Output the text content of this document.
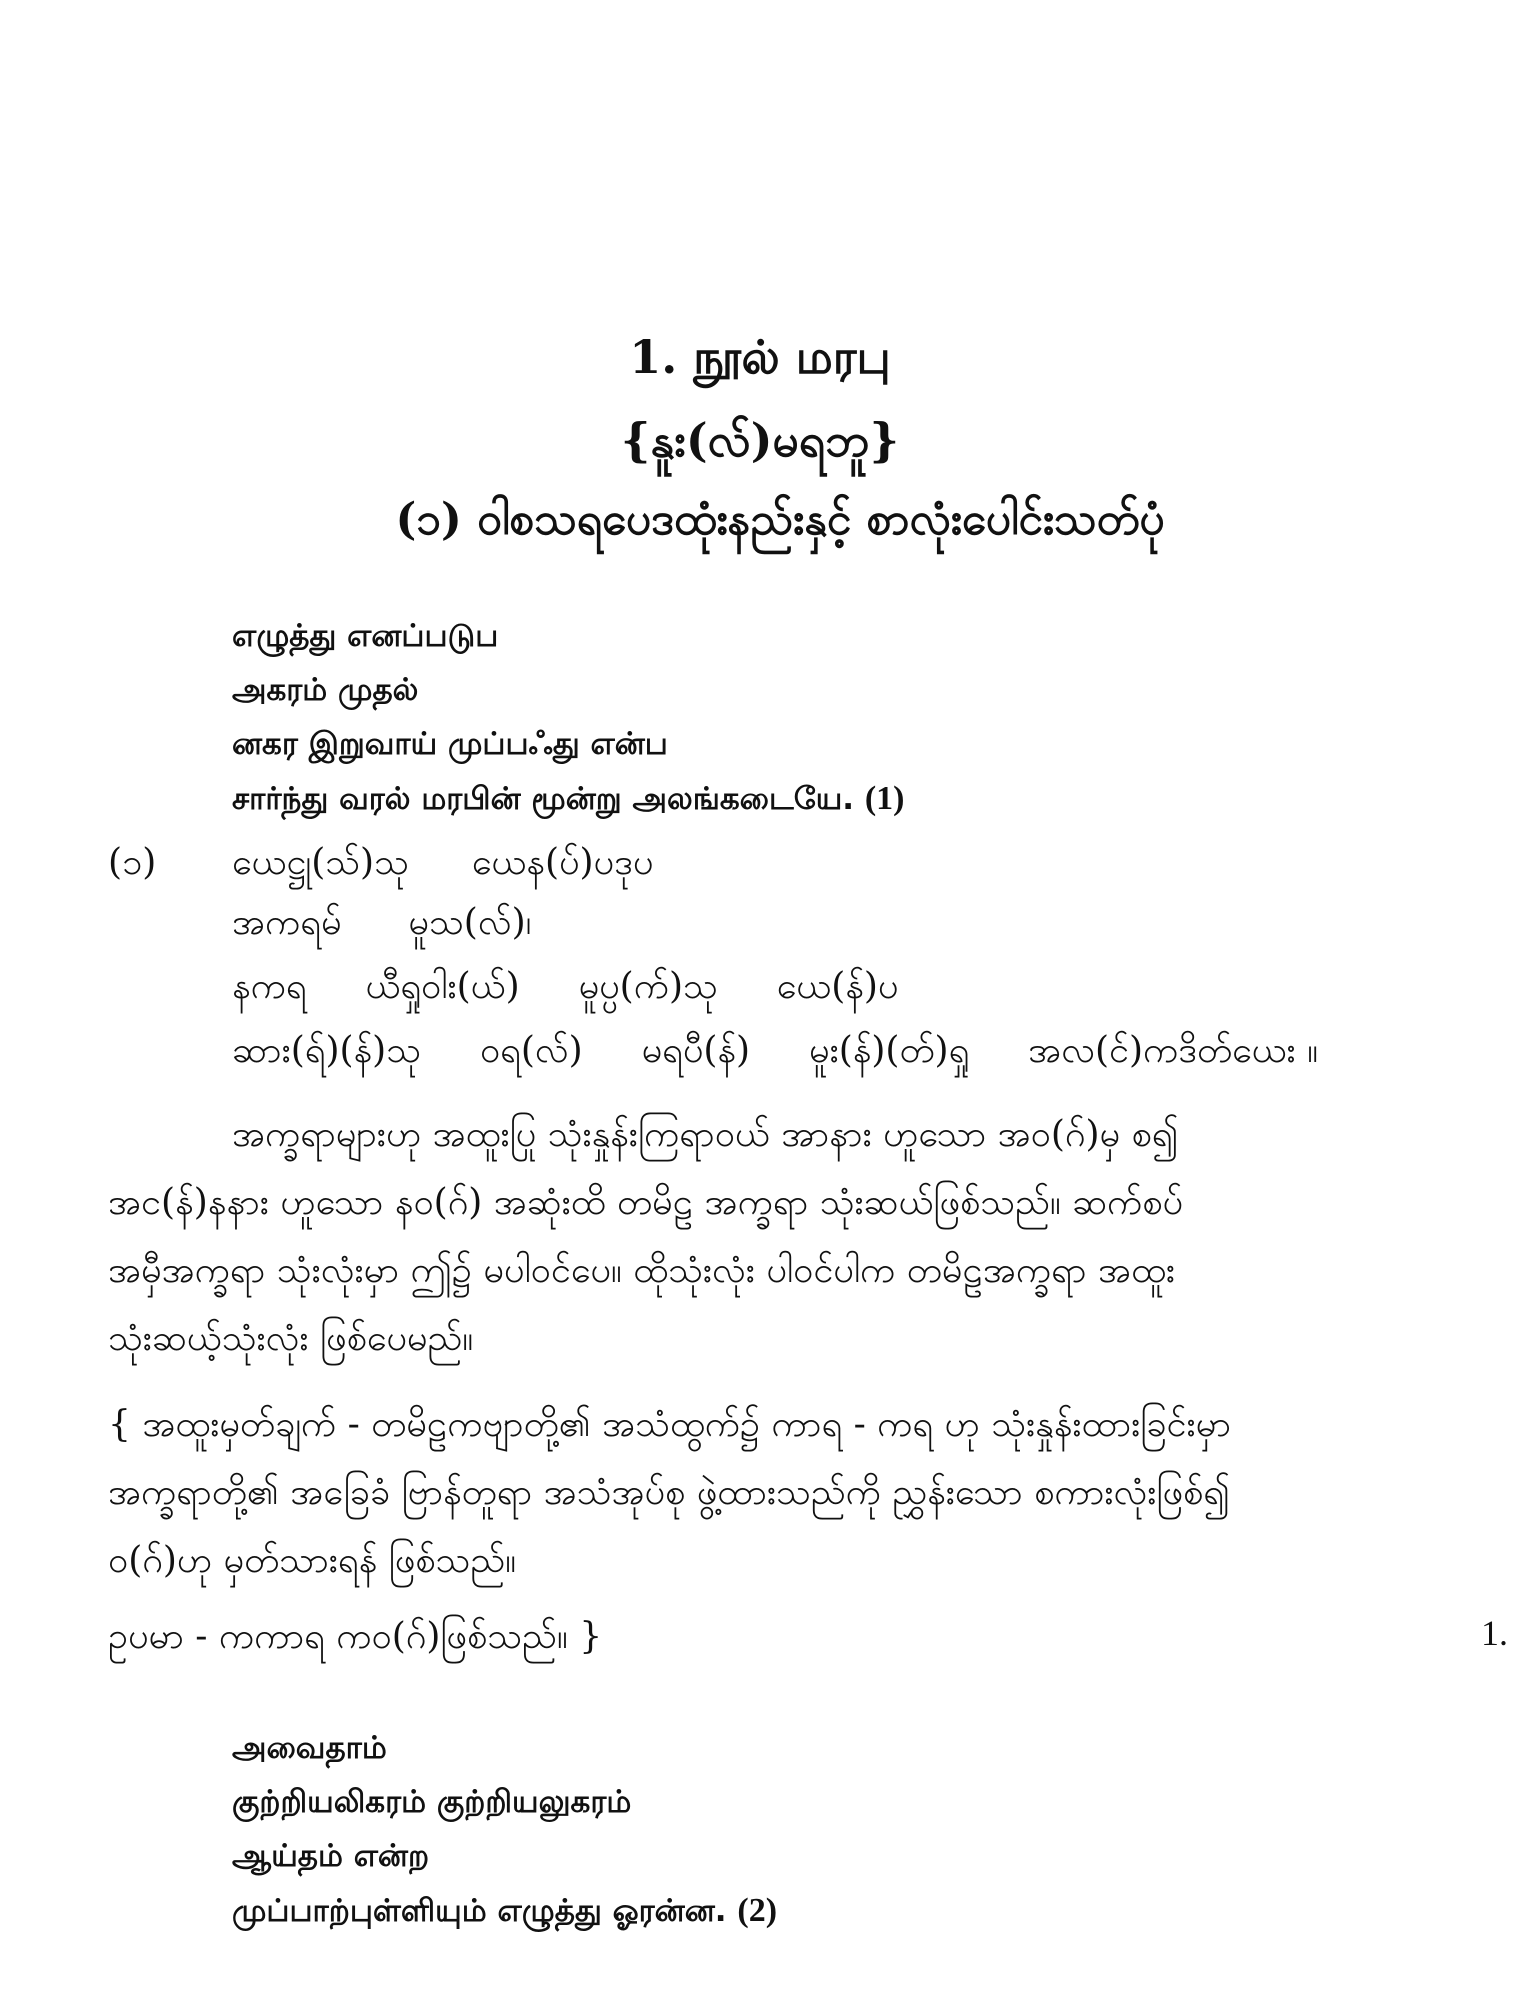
1. நூல் மரபு
{နူး(လ်)မရဘူ}
(၁) ဝါစသရပေဒထုံးနည်းနှင့် စာလုံးပေါင်းသတ်ပုံ
எழுத்து எனப்படுப
அகரம் முதல்
னகர இறுவாய் முப்பஃது என்ப
சார்ந்து வரல் மரபின் மூன்று அலங்கடையே. (1)
(၁) ယေဋ္ဌု(သ်)သု ယေန(ပ်)ပဒုပ
အကရမ် မူသ(လ်)၊
နကရ ယီရှုဝါး(ယ်) မူပ္ပ(က်)သု ယေ(န်)ပ
ဆား(ရ်)(န်)သု ဝရ(လ်) မရပီ(န်) မူး(န်)(တ်)ရှု အလ(င်)ကဒိတ်ယေး ။
အက္ခရာများဟု အထူးပြု သုံးနှုန်းကြရာဝယ် အာနား ဟူသော အဝ(ဂ်)မှ စ၍
အင(န်)နနား ဟူသော နဝ(ဂ်) အဆုံးထိ တမိဠ အက္ခရာ သုံးဆယ်ဖြစ်သည်။ ဆက်စပ်
အမှီအက္ခရာ သုံးလုံးမှာ ဤ၌ မပါဝင်ပေ။ ထိုသုံးလုံး ပါဝင်ပါက တမိဠအက္ခရာ အထူး
သုံးဆယ့်သုံးလုံး ဖြစ်ပေမည်။
{ အထူးမှတ်ချက် - တမိဠကဗျာတို့၏ အသံထွက်၌ ကာရ - ကရ ဟု သုံးနှုန်းထားခြင်းမှာ
အက္ခရာတို့၏ အခြေခံ ဗြာန်တူရာ အသံအုပ်စု ဖွဲ့ထားသည်ကို ညွှန်းသော စကားလုံးဖြစ်၍
ဝ(ဂ်)ဟု မှတ်သားရန် ဖြစ်သည်။
ဥပမာ - ကကာရ ကဝ(ဂ်)ဖြစ်သည်။ }	1.
அவைதாம்
குற்றியலிகரம் குற்றியலுகரம்
ஆய்தம் என்ற
முப்பாற்புள்ளியும் எழுத்து ஓரன்ன. (2)
